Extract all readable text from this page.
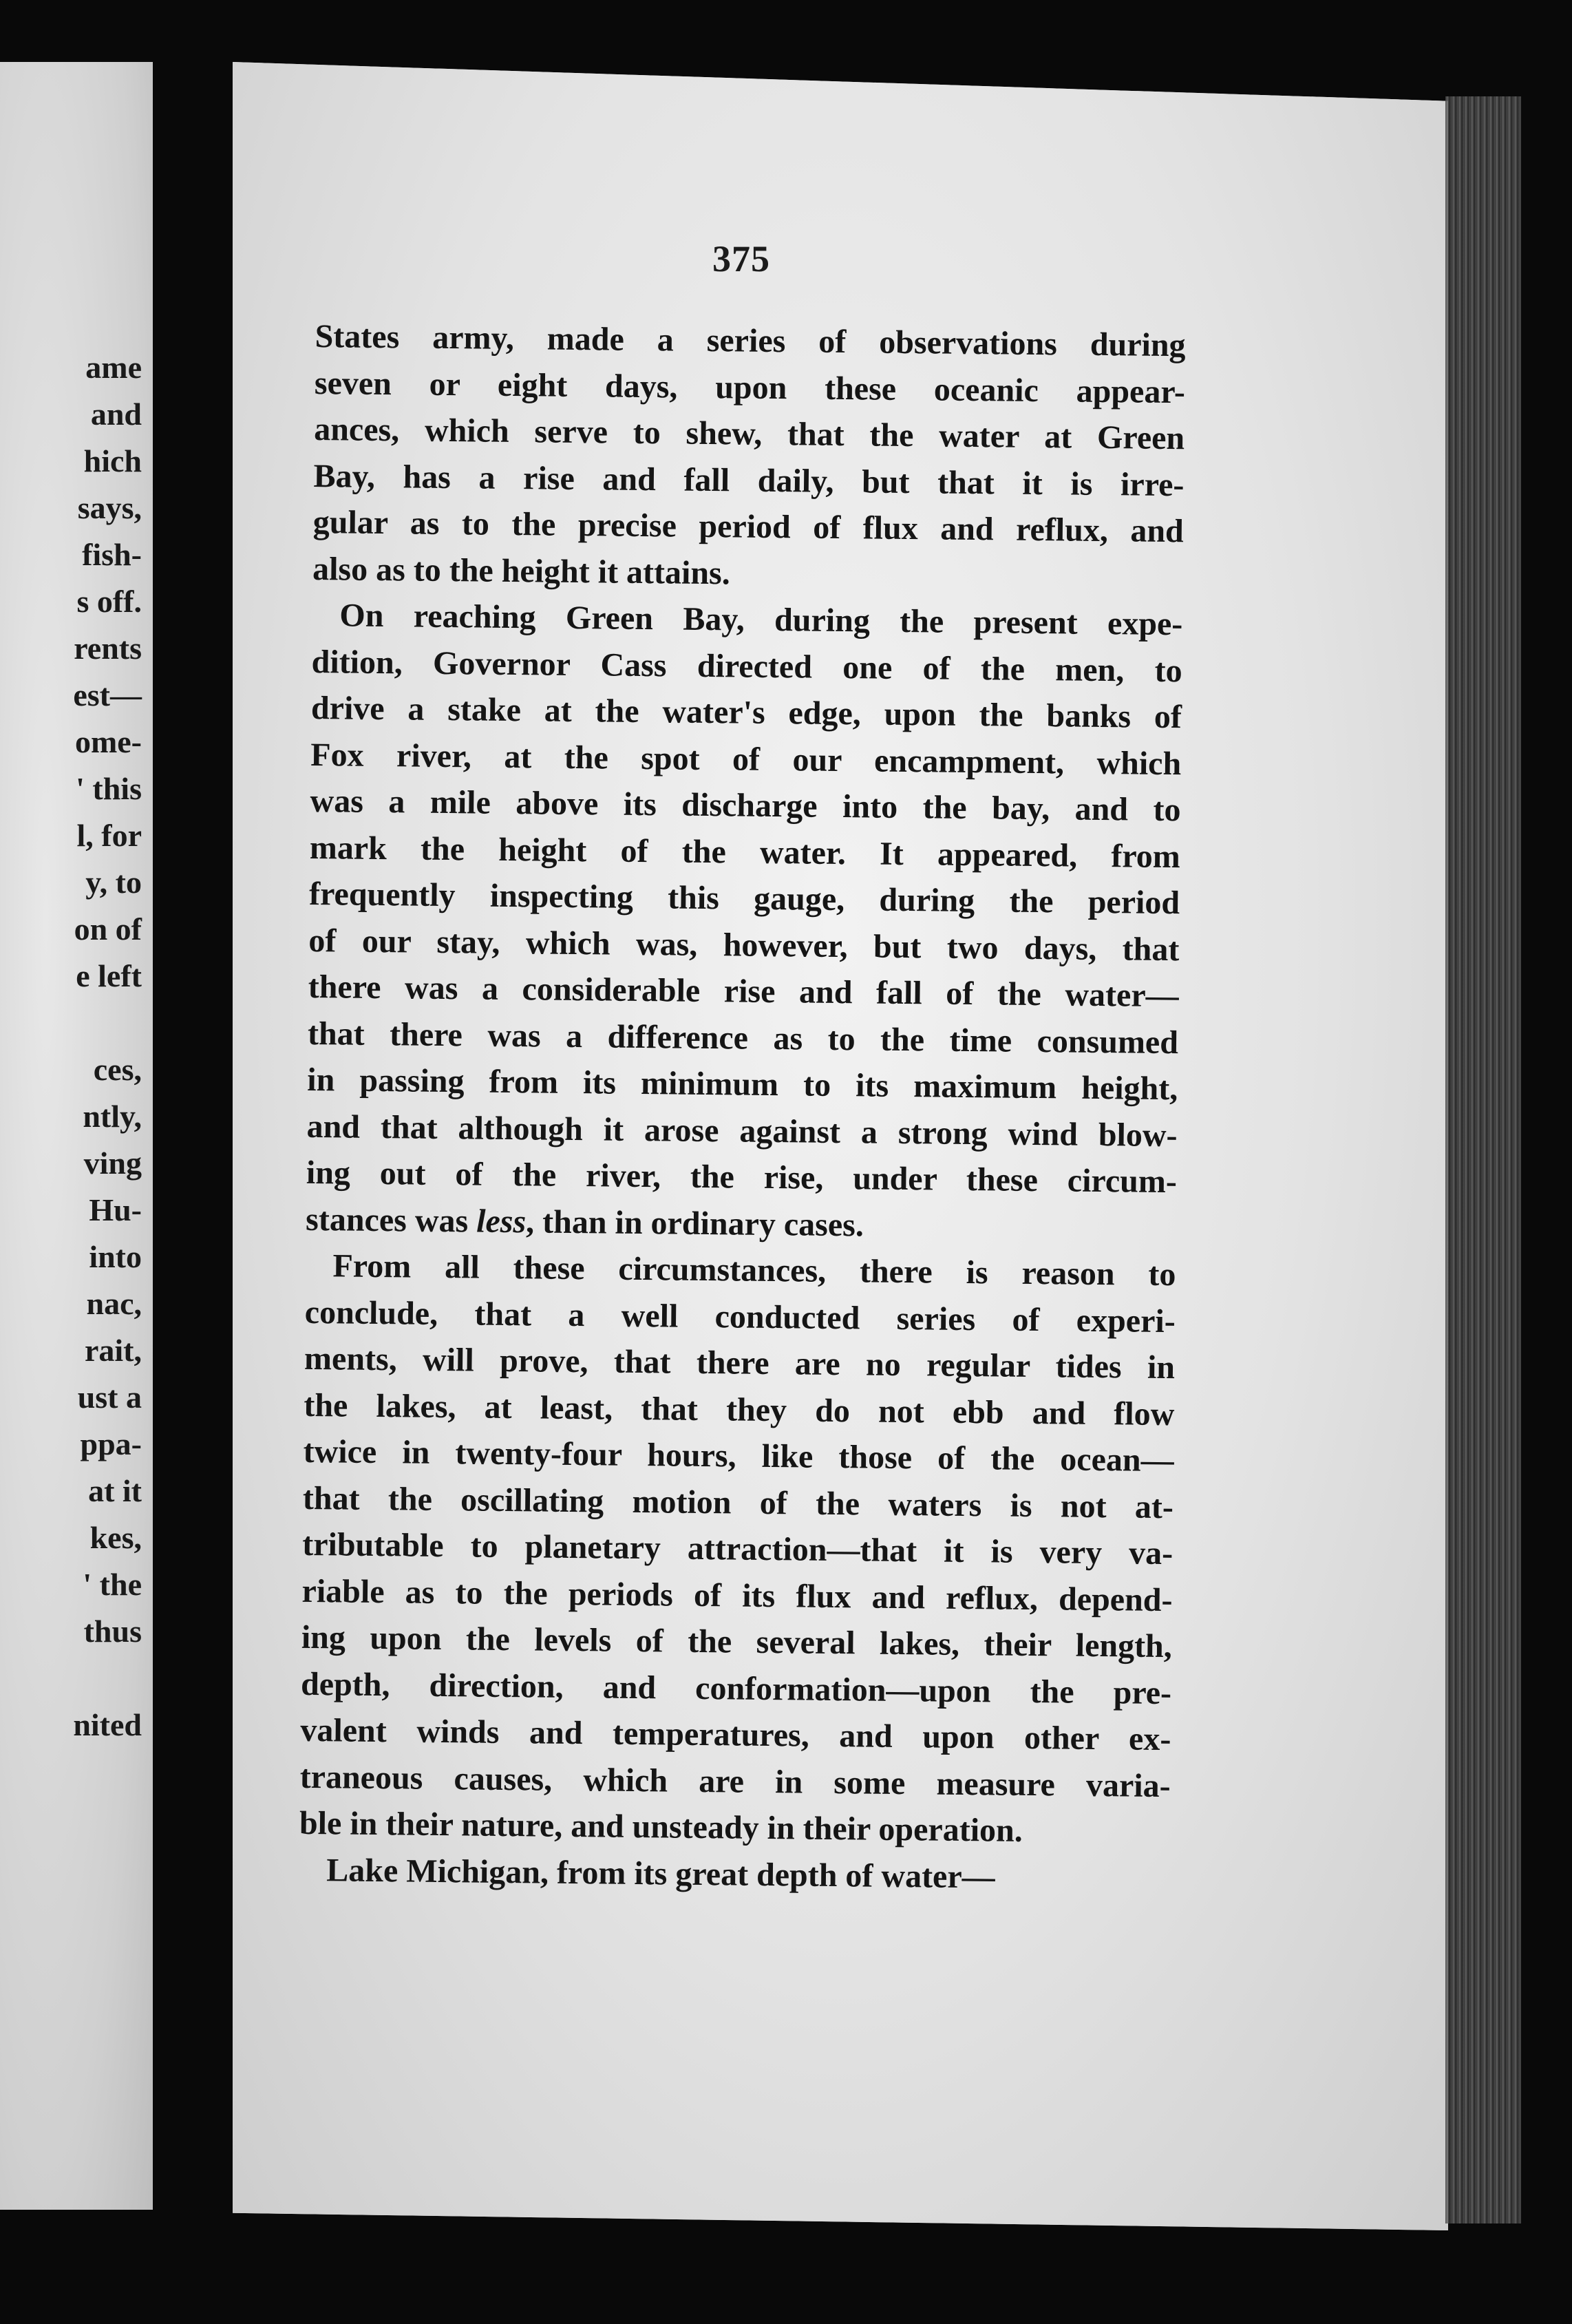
ame
and
hich
says,
fish-
s off.
rents
est—
ome-
' this
l, for
y, to
on of
e left
ces,
ntly,
ving
Hu-
into
nac,
rait,
ust a
ppa-
at it
kes,
' the
thus
nited
375
States army, made a series of observations during
seven or eight days, upon these oceanic appear-
ances, which serve to shew, that the water at Green
Bay, has a rise and fall daily, but that it is irre-
gular as to the precise period of flux and reflux, and
also as to the height it attains.
On reaching Green Bay, during the present expe-
dition, Governor Cass directed one of the men, to
drive a stake at the water's edge, upon the banks of
Fox river, at the spot of our encampment, which
was a mile above its discharge into the bay, and to
mark the height of the water. It appeared, from
frequently inspecting this gauge, during the period
of our stay, which was, however, but two days, that
there was a considerable rise and fall of the water—
that there was a difference as to the time consumed
in passing from its minimum to its maximum height,
and that although it arose against a strong wind blow-
ing out of the river, the rise, under these circum-
stances was less, than in ordinary cases.
From all these circumstances, there is reason to
conclude, that a well conducted series of experi-
ments, will prove, that there are no regular tides in
the lakes, at least, that they do not ebb and flow
twice in twenty-four hours, like those of the ocean—
that the oscillating motion of the waters is not at-
tributable to planetary attraction—that it is very va-
riable as to the periods of its flux and reflux, depend-
ing upon the levels of the several lakes, their length,
depth, direction, and conformation—upon the pre-
valent winds and temperatures, and upon other ex-
traneous causes, which are in some measure varia-
ble in their nature, and unsteady in their operation.
Lake Michigan, from its great depth of water—
